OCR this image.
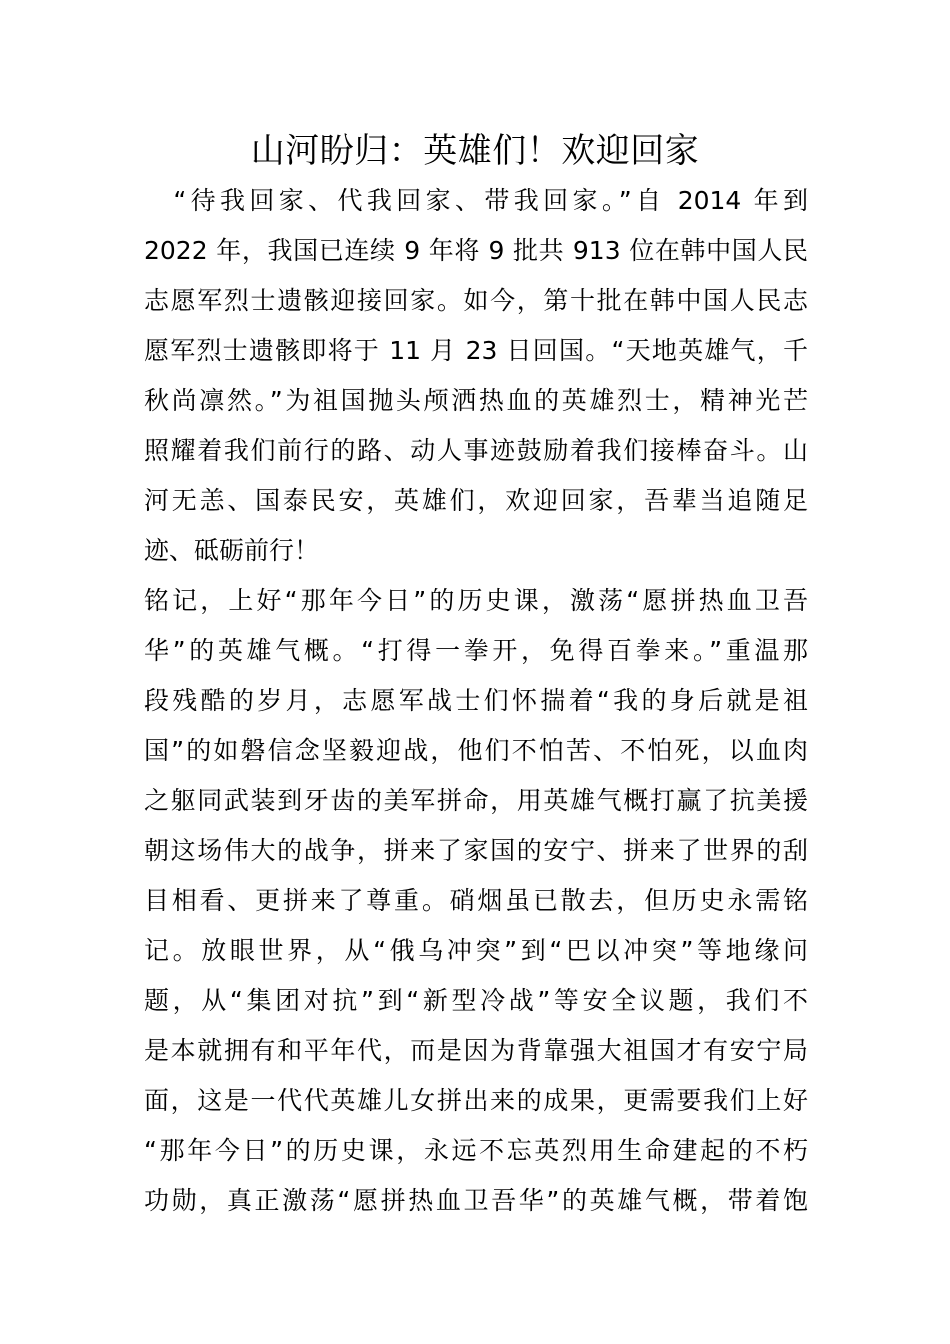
山河盼归：英雄们！欢迎回家
　“待我回家、代我回家、带我回家。”自 2014 年到
2022 年，我国已连续 9 年将 9 批共 913 位在韩中国人民
志愿军烈士遗骸迎接回家。如今，第十批在韩中国人民志
愿军烈士遗骸即将于 11 月 23 日回国。“天地英雄气，千
秋尚凛然。”为祖国抛头颅洒热血的英雄烈士，精神光芒
照耀着我们前行的路、动人事迹鼓励着我们接棒奋斗。山
河无恙、国泰民安，英雄们，欢迎回家，吾辈当追随足
迹、砥砺前行！
铭记，上好“那年今日”的历史课，激荡“愿拼热血卫吾
华”的英雄气概。“打得一拳开，免得百拳来。”重温那
段残酷的岁月，志愿军战士们怀揣着“我的身后就是祖
国”的如磐信念坚毅迎战，他们不怕苦、不怕死，以血肉
之躯同武装到牙齿的美军拼命，用英雄气概打赢了抗美援
朝这场伟大的战争，拼来了家国的安宁、拼来了世界的刮
目相看、更拼来了尊重。硝烟虽已散去，但历史永需铭
记。放眼世界，从“俄乌冲突”到“巴以冲突”等地缘问
题，从“集团对抗”到“新型冷战”等安全议题，我们不
是本就拥有和平年代，而是因为背靠强大祖国才有安宁局
面，这是一代代英雄儿女拼出来的成果，更需要我们上好
“那年今日”的历史课，永远不忘英烈用生命建起的不朽
功勋，真正激荡“愿拼热血卫吾华”的英雄气概，带着饱
